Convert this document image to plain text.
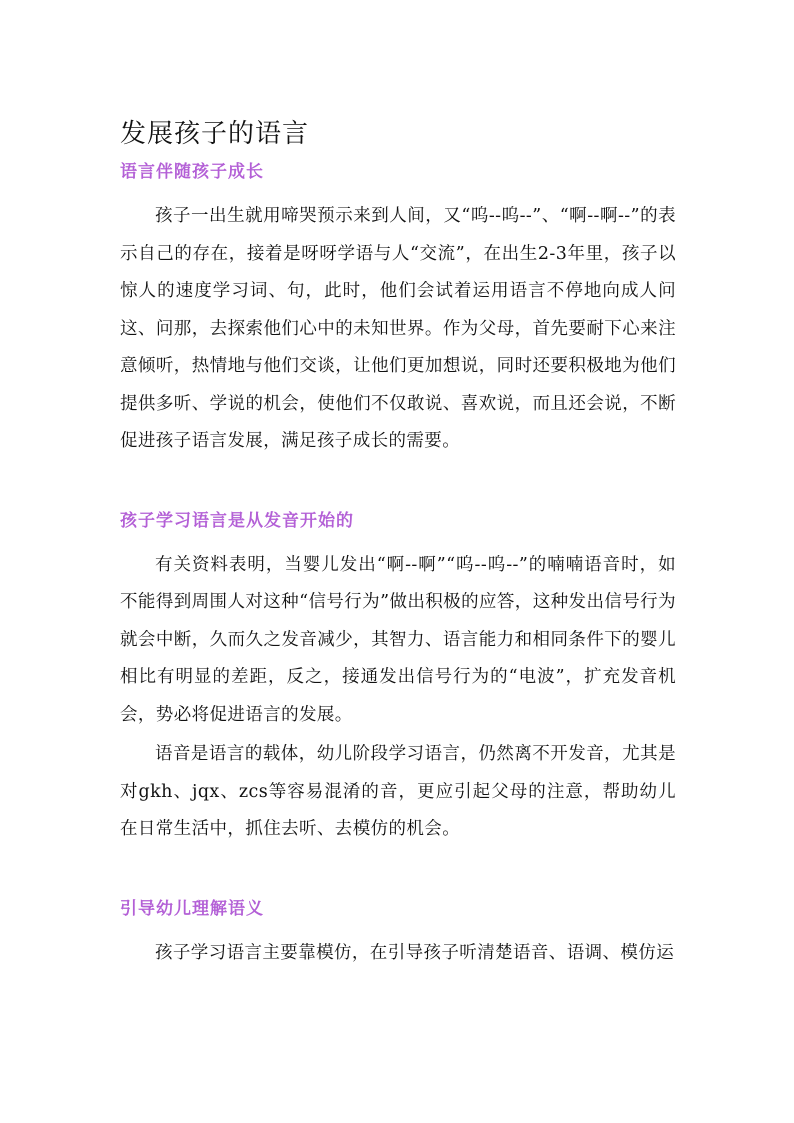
发展孩子的语言
语言伴随孩子成长

孩子一出生就用啼哭预示来到人间，又“呜--呜--”、“啊--啊--”的表示自己的存在，接着是呀呀学语与人“交流”，在出生2-3年里，孩子以惊人的速度学习词、句，此时，他们会试着运用语言不停地向成人问这、问那，去探索他们心中的未知世界。作为父母，首先要耐下心来注意倾听，热情地与他们交谈，让他们更加想说，同时还要积极地为他们提供多听、学说的机会，使他们不仅敢说、喜欢说，而且还会说，不断促进孩子语言发展，满足孩子成长的需要。

孩子学习语言是从发音开始的

有关资料表明，当婴儿发出“啊--啊”“呜--呜--”的喃喃语音时，如不能得到周围人对这种“信号行为”做出积极的应答，这种发出信号行为就会中断，久而久之发音减少，其智力、语言能力和相同条件下的婴儿相比有明显的差距，反之，接通发出信号行为的“电波”，扩充发音机会，势必将促进语言的发展。

语音是语言的载体，幼儿阶段学习语言，仍然离不开发音，尤其是对gkh、jqx、zcs等容易混淆的音，更应引起父母的注意，帮助幼儿在日常生活中，抓住去听、去模仿的机会。

引导幼儿理解语义

孩子学习语言主要靠模仿，在引导孩子听清楚语音、语调、模仿运
